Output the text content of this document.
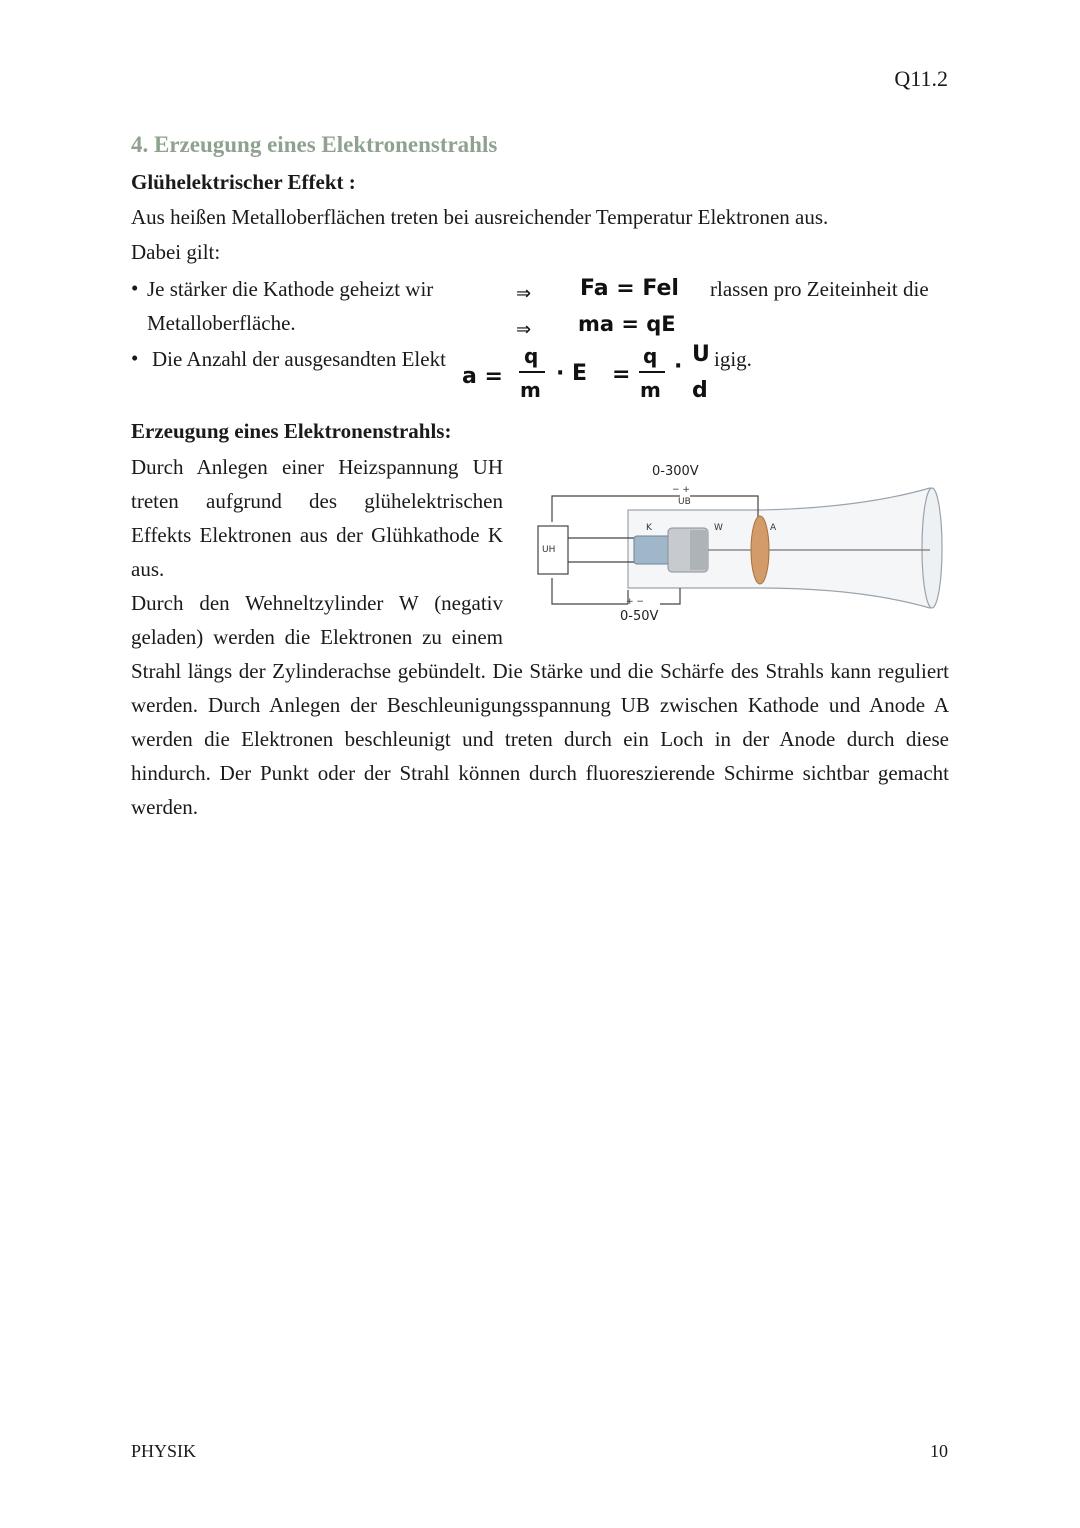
Q11.2
4. Erzeugung eines Elektronenstrahls
Glühelektrischer Effekt :
Aus heißen Metalloberflächen treten bei ausreichender Temperatur Elektronen aus.
Dabei gilt:
• Je stärker die Kathode geheizt wir	rlassen pro Zeiteinheit die
Metalloberfläche.
• Die Anzahl der ausgesandten Elekt	igig.
⇒ Fa = Fel
⇒ ma = qE
a =
q
m
· E =
q
m
· U
d
Erzeugung eines Elektronenstrahls:
Durch Anlegen einer Heizspannung UH
treten aufgrund des glühelektrischen
Effekts Elektronen aus der Glühkathode K
aus.
Durch den Wehneltzylinder W (negativ
geladen) werden die Elektronen zu einem
Strahl längs der Zylinderachse gebündelt. Die Stärke und die Schärfe des Strahls kann reguliert werden. Durch Anlegen der Beschleunigungsspannung UB zwischen Kathode und Anode A werden die Elektronen beschleunigt und treten durch ein Loch in der Anode durch diese hindurch. Der Punkt oder der Strahl können durch fluoreszierende Schirme sichtbar gemacht werden.
0-300V
− +
UB
UH
K	W	A
+ −
0-50V
PHYSIK	10
